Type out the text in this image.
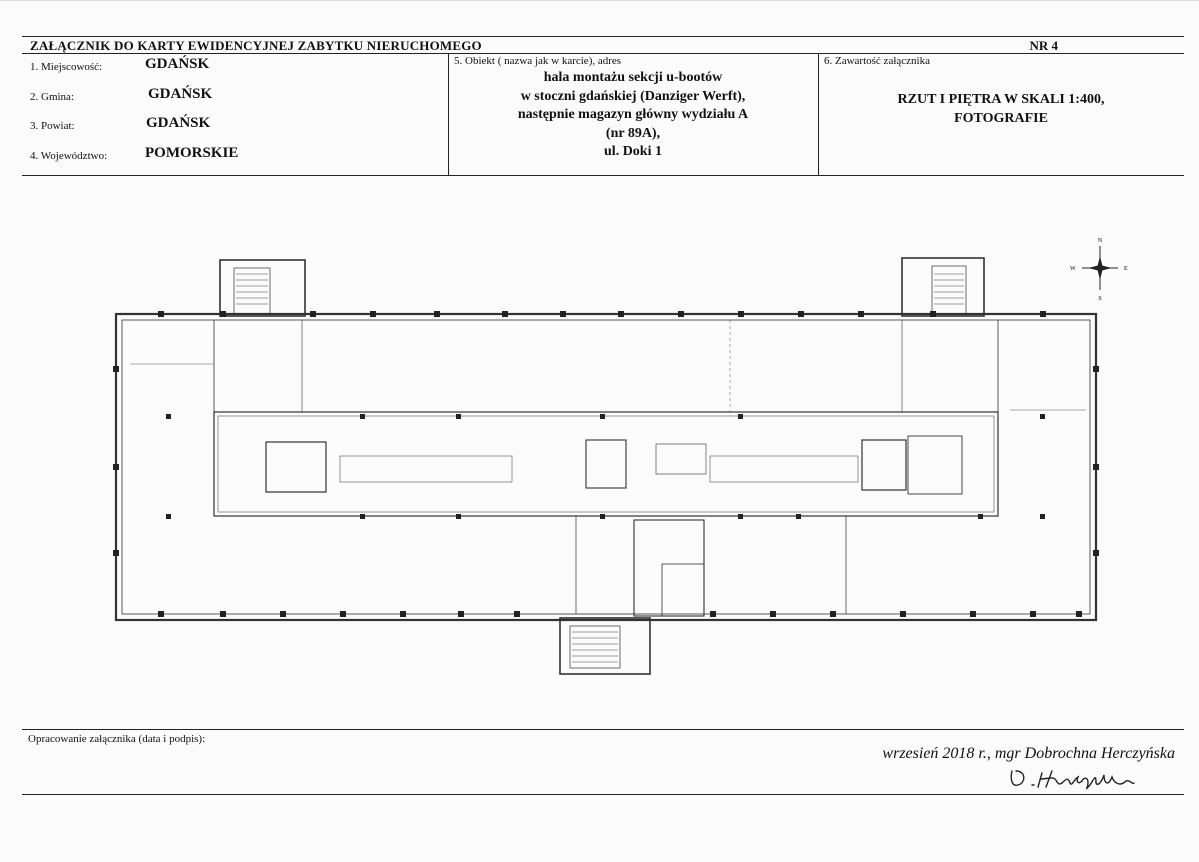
ZAŁĄCZNIK DO KARTY EWIDENCYJNEJ ZABYTKU NIERUCHOMEGO	NR 4
1. Miejscowość:	GDAŃSK
2. Gmina:	GDAŃSK
3. Powiat:	GDAŃSK
4. Województwo:	POMORSKIE
5. Obiekt ( nazwa jak w karcie), adres
hala montażu sekcji u-bootów
w stoczni gdańskiej (Danziger Werft),
następnie magazyn główny wydziału A
(nr 89A),
ul. Doki 1
6. Zawartość załącznika
RZUT I PIĘTRA W SKALI 1:400,
FOTOGRAFIE
N
S
E
W
Opracowanie załącznika (data i podpis):
wrzesień 2018 r., mgr Dobrochna Herczyńska
